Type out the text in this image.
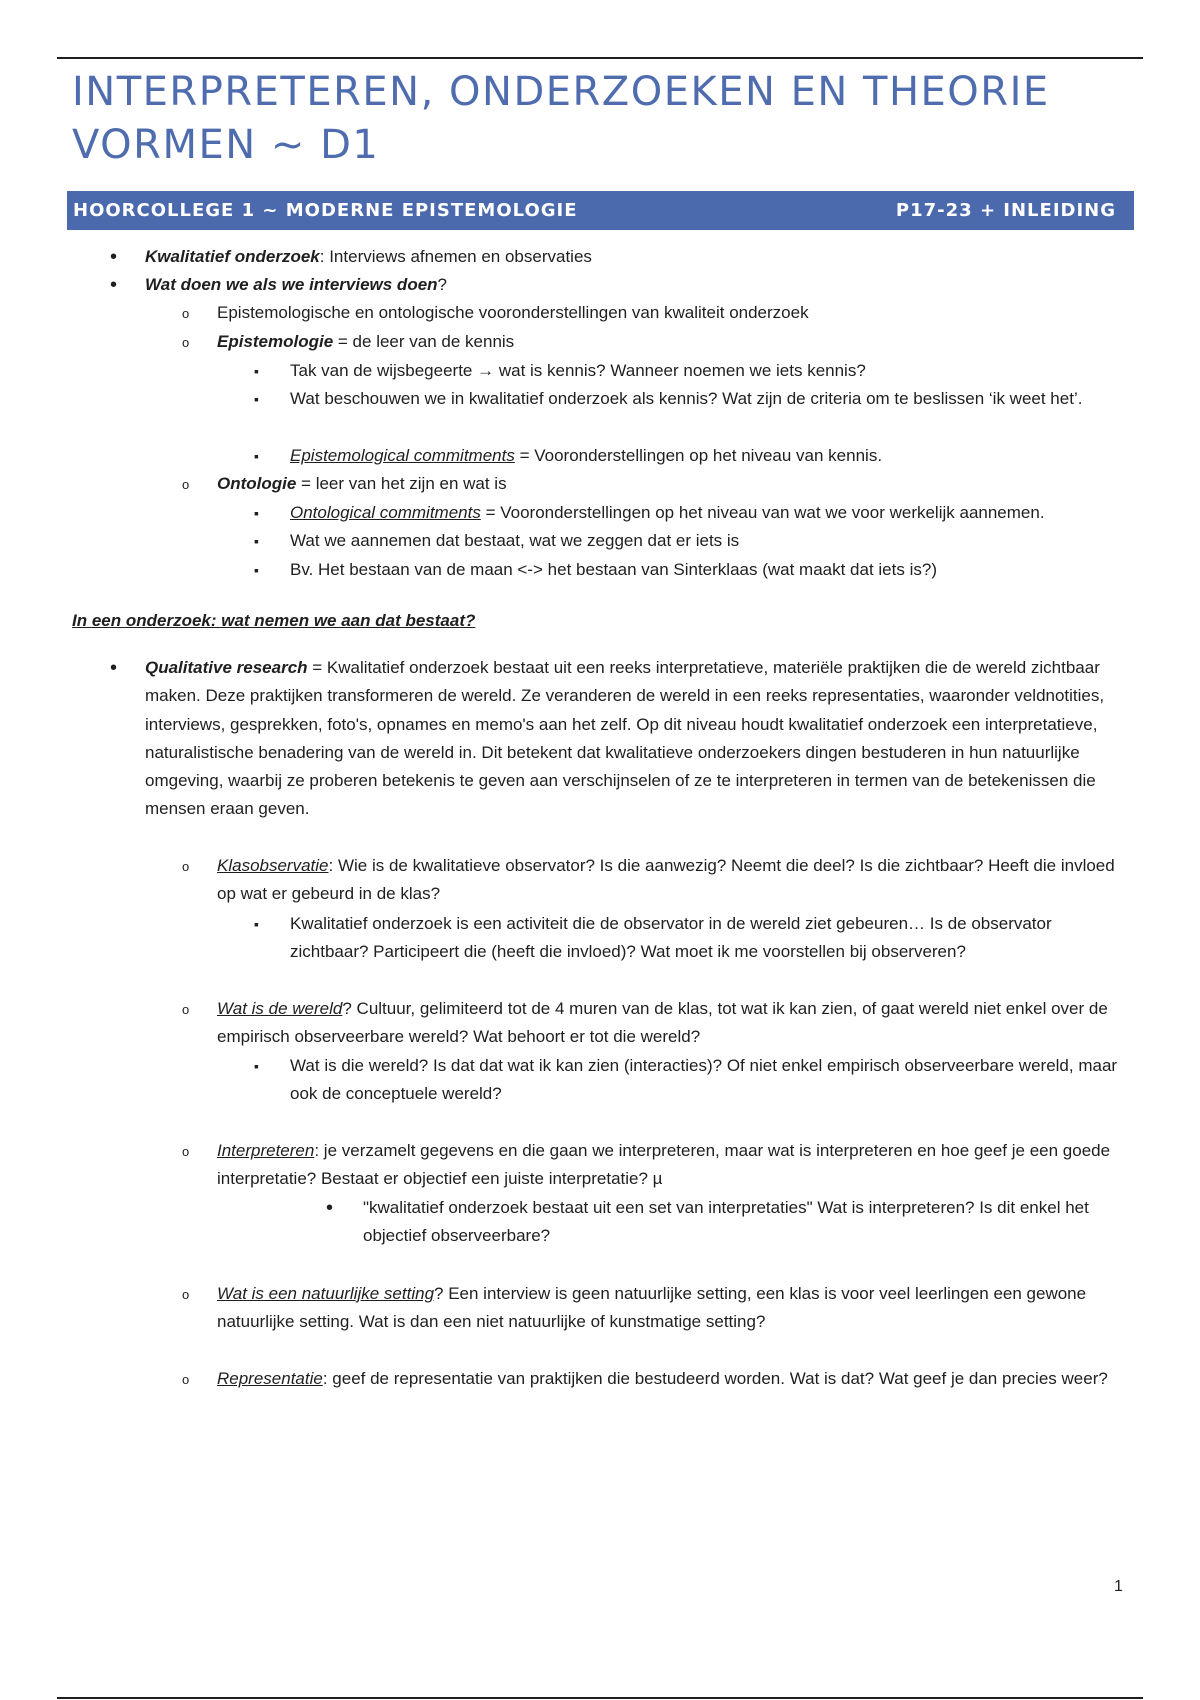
INTERPRETEREN, ONDERZOEKEN EN THEORIE VORMEN ~ D1
HOORCOLLEGE 1 ~ MODERNE EPISTEMOLOGIE	P17-23 + INLEIDING
•
Kwalitatief onderzoek: Interviews afnemen en observaties
•
Wat doen we als we interviews doen?
o
Epistemologische en ontologische vooronderstellingen van kwaliteit onderzoek
o
Epistemologie = de leer van de kennis
▪
Tak van de wijsbegeerte → wat is kennis? Wanneer noemen we iets kennis?
▪
Wat beschouwen we in kwalitatief onderzoek als kennis? Wat zijn de criteria om te beslissen ‘ik weet het’.
▪
Epistemological commitments = Vooronderstellingen op het niveau van kennis.
o
Ontologie = leer van het zijn en wat is
▪
Ontological commitments = Vooronderstellingen op het niveau van wat we voor werkelijk aannemen.
▪
Wat we aannemen dat bestaat, wat we zeggen dat er iets is
▪
Bv. Het bestaan van de maan <-> het bestaan van Sinterklaas (wat maakt dat iets is?)
In een onderzoek: wat nemen we aan dat bestaat?
•
Qualitative research = Kwalitatief onderzoek bestaat uit een reeks interpretatieve, materiële praktijken die de wereld zichtbaar maken. Deze praktijken transformeren de wereld. Ze veranderen de wereld in een reeks representaties, waaronder veldnotities, interviews, gesprekken, foto's, opnames en memo's aan het zelf. Op dit niveau houdt kwalitatief onderzoek een interpretatieve, naturalistische benadering van de wereld in. Dit betekent dat kwalitatieve onderzoekers dingen bestuderen in hun natuurlijke omgeving, waarbij ze proberen betekenis te geven aan verschijnselen of ze te interpreteren in termen van de betekenissen die mensen eraan geven.
o
Klasobservatie: Wie is de kwalitatieve observator? Is die aanwezig? Neemt die deel? Is die zichtbaar? Heeft die invloed op wat er gebeurd in de klas?
▪
Kwalitatief onderzoek is een activiteit die de observator in de wereld ziet gebeuren… Is de observator zichtbaar? Participeert die (heeft die invloed)? Wat moet ik me voorstellen bij observeren?
o
Wat is de wereld? Cultuur, gelimiteerd tot de 4 muren van de klas, tot wat ik kan zien, of gaat wereld niet enkel over de empirisch observeerbare wereld? Wat behoort er tot die wereld?
▪
Wat is die wereld? Is dat dat wat ik kan zien (interacties)? Of niet enkel empirisch observeerbare wereld, maar ook de conceptuele wereld?
o
Interpreteren: je verzamelt gegevens en die gaan we interpreteren, maar wat is interpreteren en hoe geef je een goede interpretatie? Bestaat er objectief een juiste interpretatie? µ
•
"kwalitatief onderzoek bestaat uit een set van interpretaties" Wat is interpreteren? Is dit enkel het objectief observeerbare?
o
Wat is een natuurlijke setting? Een interview is geen natuurlijke setting, een klas is voor veel leerlingen een gewone natuurlijke setting. Wat is dan een niet natuurlijke of kunstmatige setting?
o
Representatie: geef de representatie van praktijken die bestudeerd worden. Wat is dat? Wat geef je dan precies weer?
1
